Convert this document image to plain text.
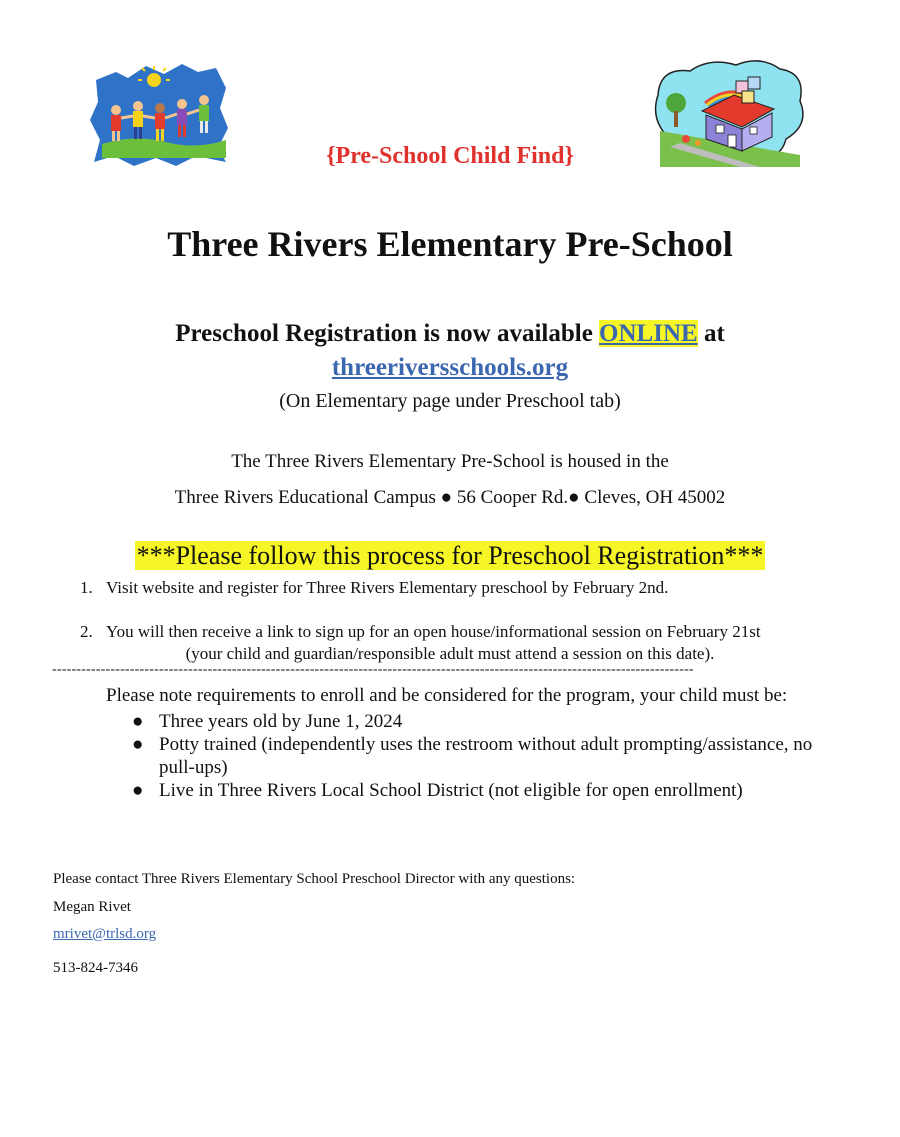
{Pre-School Child Find}
Three Rivers Elementary Pre-School
Preschool Registration is now available ONLINE at
threeriversschools.org
(On Elementary page under Preschool tab)
The Three Rivers Elementary Pre-School is housed in the
Three Rivers Educational Campus ● 56 Cooper Rd.● Cleves, OH 45002
***Please follow this process for Preschool Registration***
1. Visit website and register for Three Rivers Elementary preschool by February 2nd.
2. You will then receive a link to sign up for an open house/informational session on February 21st
(your child and guardian/responsible adult must attend a session on this date).
------------------------------------------------------------------------------------------------------------------------------------
Please note requirements to enroll and be considered for the program, your child must be:
● Three years old by June 1, 2024
● Potty trained (independently uses the restroom without adult prompting/assistance, no pull-ups)
● Live in Three Rivers Local School District (not eligible for open enrollment)
Please contact Three Rivers Elementary School Preschool Director with any questions:
Megan Rivet
mrivet@trlsd.org
513-824-7346
